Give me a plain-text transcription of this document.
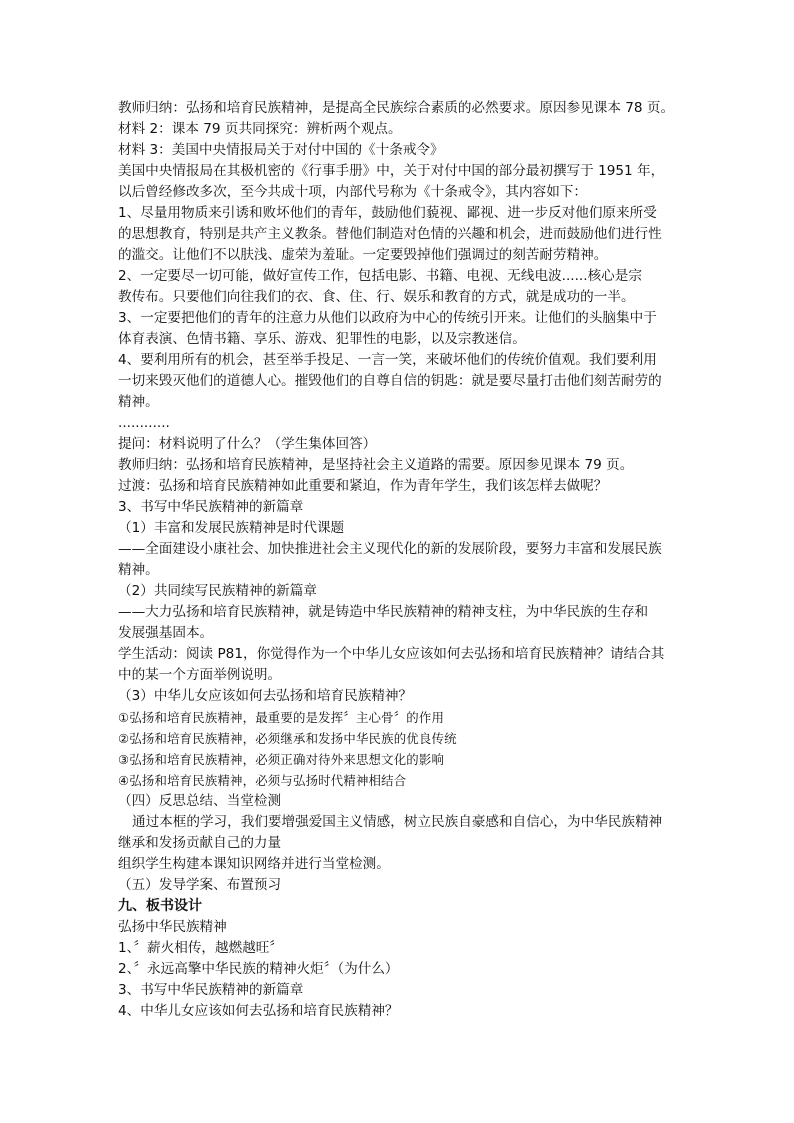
教师归纳：弘扬和培育民族精神，是提高全民族综合素质的必然要求。原因参见课本 78 页。
材料 2：课本 79 页共同探究：辨析两个观点。
材料 3：美国中央情报局关于对付中国的《十条戒令》
美国中央情报局在其极机密的《行事手册》中，关于对付中国的部分最初撰写于 1951 年，
以后曾经修改多次，至今共成十项，内部代号称为《十条戒令》，其内容如下：
1、尽量用物质来引诱和败坏他们的青年，鼓励他们藐视、鄙视、进一步反对他们原来所受
的思想教育，特别是共产主义教条。替他们制造对色情的兴趣和机会，进而鼓励他们进行性
的滥交。让他们不以肤浅、虚荣为羞耻。一定要毁掉他们强调过的刻苦耐劳精神。
2、一定要尽一切可能，做好宣传工作，包括电影、书籍、电视、无线电波......核心是宗
教传布。只要他们向往我们的衣、食、住、行、娱乐和教育的方式，就是成功的一半。
3、一定要把他们的青年的注意力从他们以政府为中心的传统引开来。让他们的头脑集中于
体育表演、色情书籍、享乐、游戏、犯罪性的电影，以及宗教迷信。
4、要利用所有的机会，甚至举手投足、一言一笑，来破坏他们的传统价值观。我们要利用
一切来毁灭他们的道德人心。摧毁他们的自尊自信的钥匙：就是要尽量打击他们刻苦耐劳的
精神。
............
提问：材料说明了什么？（学生集体回答）
教师归纳：弘扬和培育民族精神，是坚持社会主义道路的需要。原因参见课本 79 页。
过渡：弘扬和培育民族精神如此重要和紧迫，作为青年学生，我们该怎样去做呢？
3、书写中华民族精神的新篇章
（1）丰富和发展民族精神是时代课题
——全面建设小康社会、加快推进社会主义现代化的新的发展阶段，要努力丰富和发展民族
精神。
（2）共同续写民族精神的新篇章
——大力弘扬和培育民族精神，就是铸造中华民族精神的精神支柱，为中华民族的生存和
发展强基固本。
学生活动：阅读 P81，你觉得作为一个中华儿女应该如何去弘扬和培育民族精神？请结合其
中的某一个方面举例说明。
（3）中华儿女应该如何去弘扬和培育民族精神？
①弘扬和培育民族精神，最重要的是发挥〞主心骨〞的作用
②弘扬和培育民族精神，必须继承和发扬中华民族的优良传统
③弘扬和培育民族精神，必须正确对待外来思想文化的影响
④弘扬和培育民族精神，必须与弘扬时代精神相结合
（四）反思总结、当堂检测
通过本框的学习，我们要增强爱国主义情感，树立民族自豪感和自信心，为中华民族精神
继承和发扬贡献自己的力量
组织学生构建本课知识网络并进行当堂检测。
（五）发导学案、布置预习
九、板书设计
弘扬中华民族精神
1、〞薪火相传，越燃越旺〞
2、〞永远高擎中华民族的精神火炬〞（为什么）
3、书写中华民族精神的新篇章
4、中华儿女应该如何去弘扬和培育民族精神？
